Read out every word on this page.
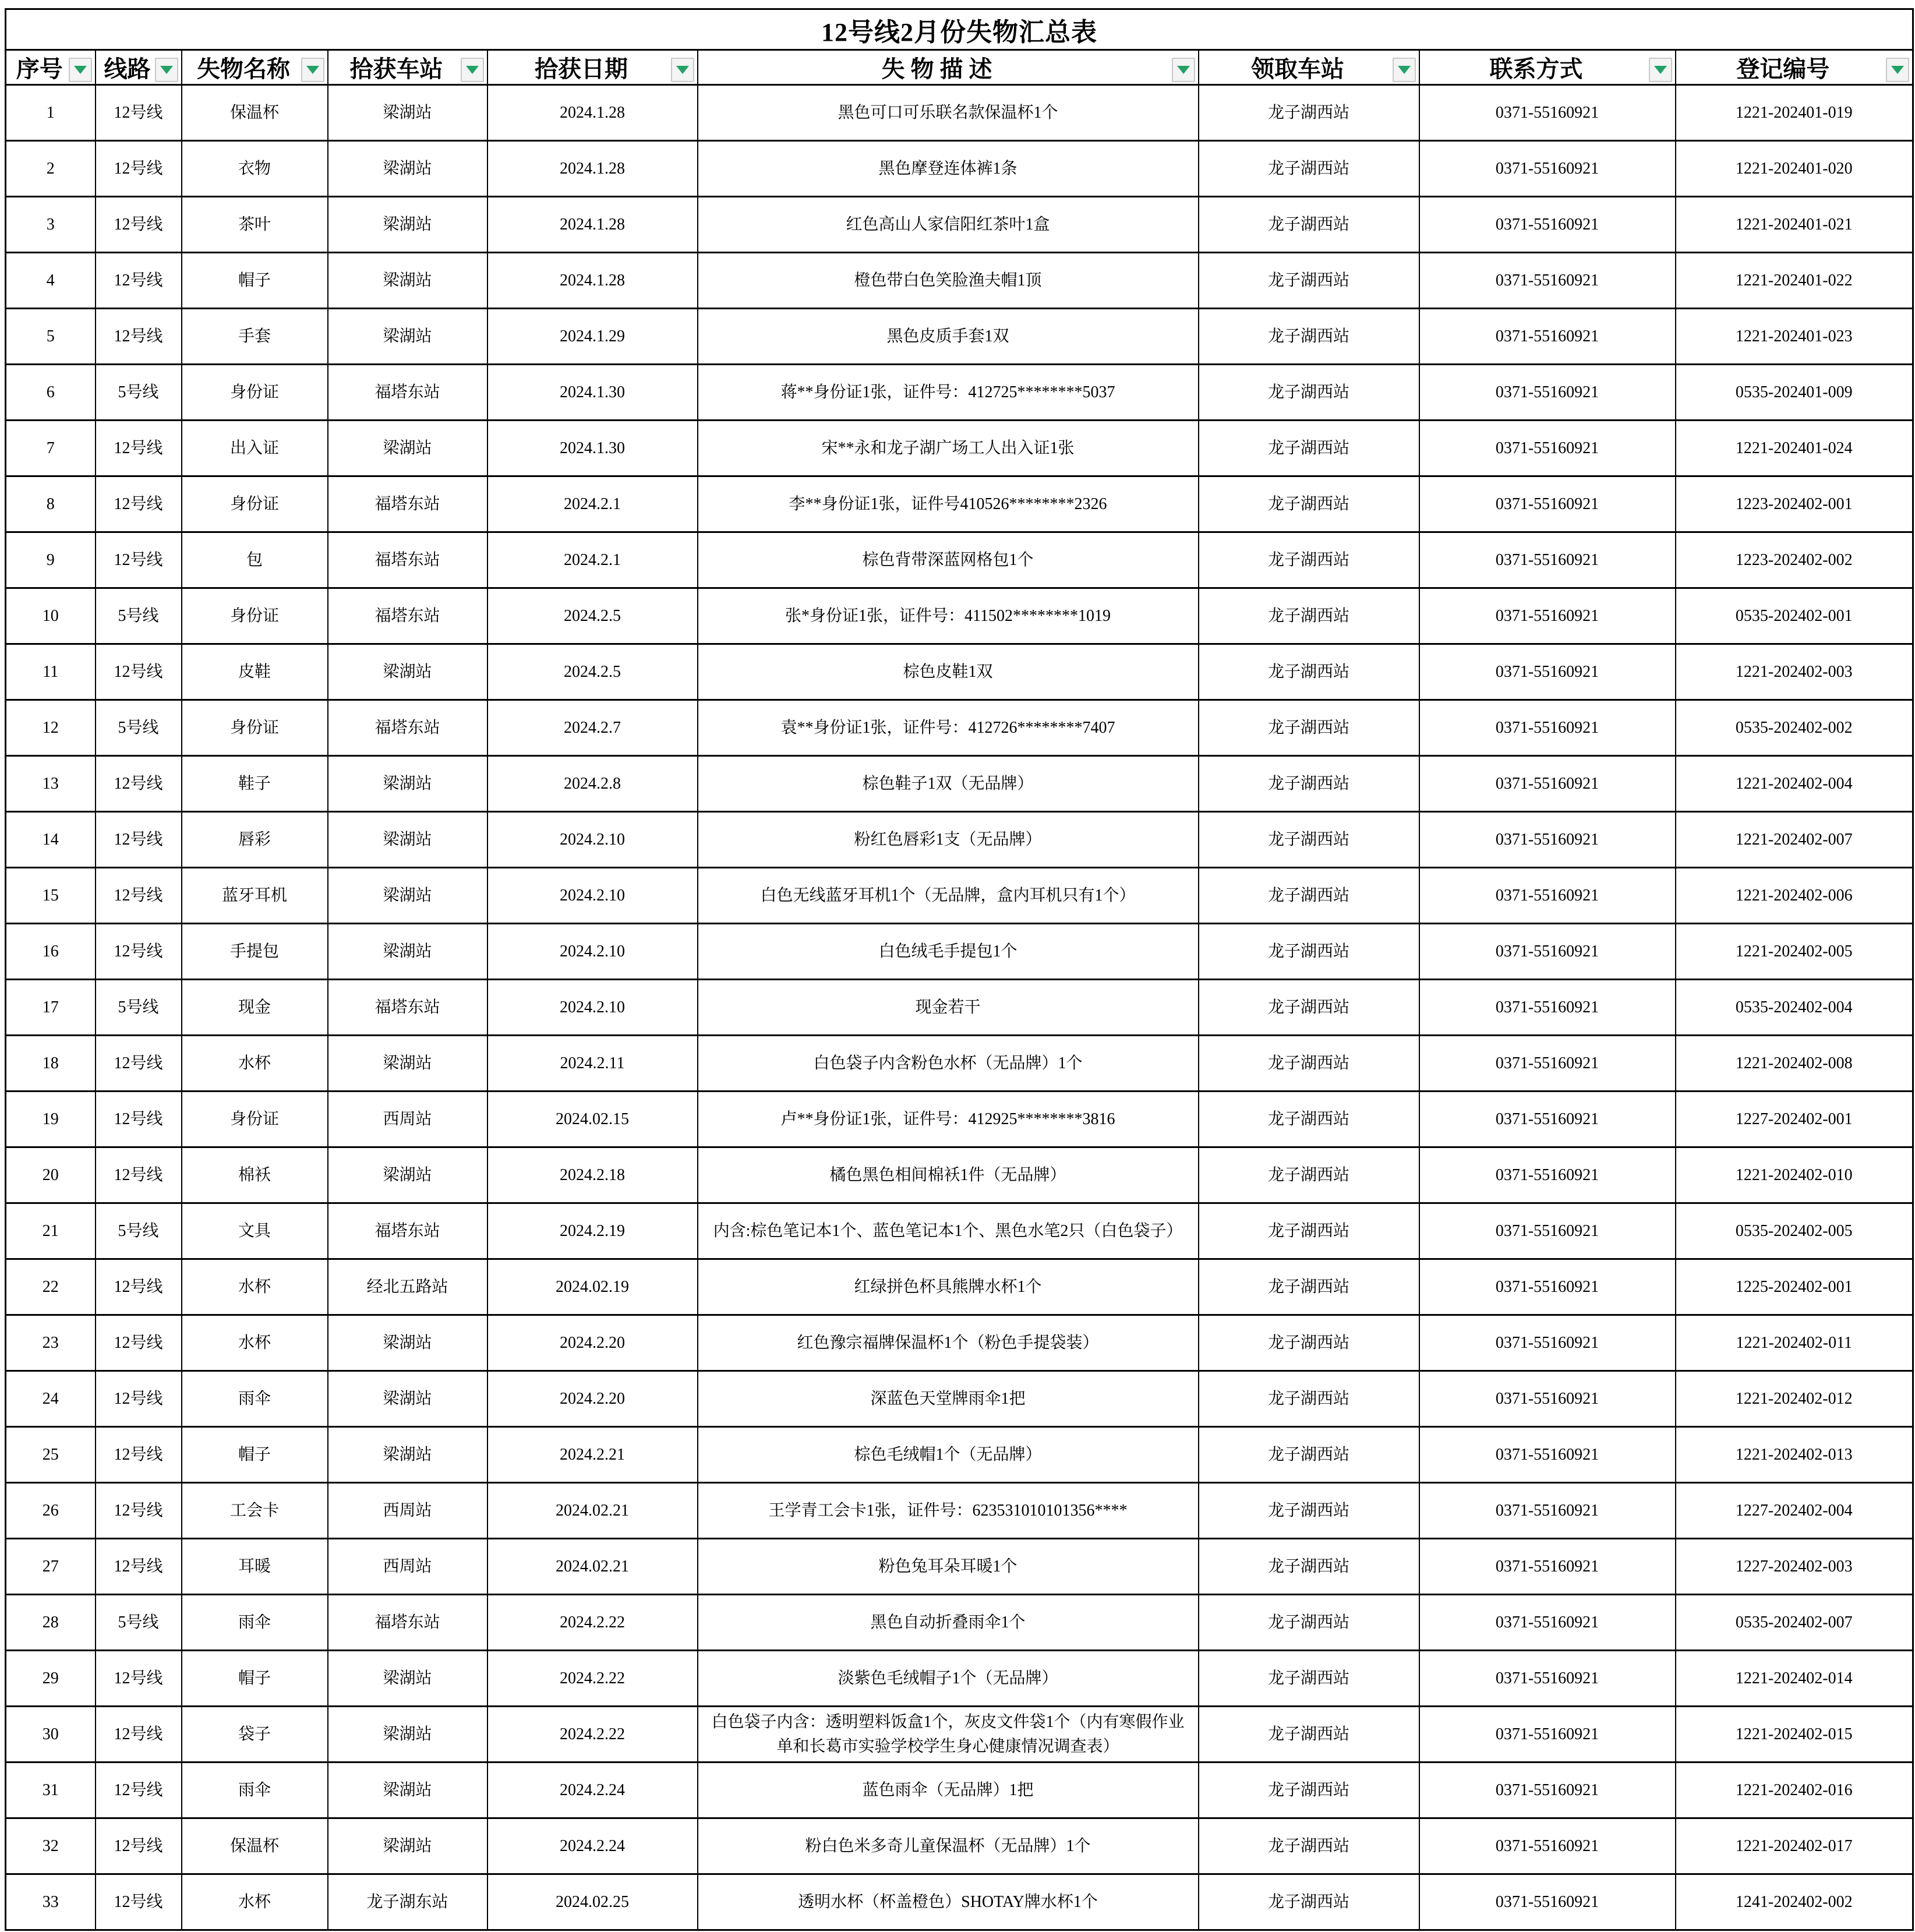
12号线2月份失物汇总表								
序号	线路	失物名称	拾获车站	拾获日期	失 物 描 述	领取车站	联系方式	登记编号

1	12号线	保温杯	梁湖站	2024.1.28	黑色可口可乐联名款保温杯1个	龙子湖西站	0371-55160921	1221-202401-019
2	12号线	衣物	梁湖站	2024.1.28	黑色摩登连体裤1条	龙子湖西站	0371-55160921	1221-202401-020
3	12号线	茶叶	梁湖站	2024.1.28	红色高山人家信阳红茶叶1盒	龙子湖西站	0371-55160921	1221-202401-021
4	12号线	帽子	梁湖站	2024.1.28	橙色带白色笑脸渔夫帽1顶	龙子湖西站	0371-55160921	1221-202401-022
5	12号线	手套	梁湖站	2024.1.29	黑色皮质手套1双	龙子湖西站	0371-55160921	1221-202401-023
6	5号线	身份证	福塔东站	2024.1.30	蒋**身份证1张，证件号：412725********5037	龙子湖西站	0371-55160921	0535-202401-009
7	12号线	出入证	梁湖站	2024.1.30	宋**永和龙子湖广场工人出入证1张	龙子湖西站	0371-55160921	1221-202401-024
8	12号线	身份证	福塔东站	2024.2.1	李**身份证1张，证件号410526********2326	龙子湖西站	0371-55160921	1223-202402-001
9	12号线	包	福塔东站	2024.2.1	棕色背带深蓝网格包1个	龙子湖西站	0371-55160921	1223-202402-002
10	5号线	身份证	福塔东站	2024.2.5	张*身份证1张，证件号：411502********1019	龙子湖西站	0371-55160921	0535-202402-001
11	12号线	皮鞋	梁湖站	2024.2.5	棕色皮鞋1双	龙子湖西站	0371-55160921	1221-202402-003
12	5号线	身份证	福塔东站	2024.2.7	袁**身份证1张，证件号：412726********7407	龙子湖西站	0371-55160921	0535-202402-002
13	12号线	鞋子	梁湖站	2024.2.8	棕色鞋子1双（无品牌）	龙子湖西站	0371-55160921	1221-202402-004
14	12号线	唇彩	梁湖站	2024.2.10	粉红色唇彩1支（无品牌）	龙子湖西站	0371-55160921	1221-202402-007
15	12号线	蓝牙耳机	梁湖站	2024.2.10	白色无线蓝牙耳机1个（无品牌，盒内耳机只有1个）	龙子湖西站	0371-55160921	1221-202402-006
16	12号线	手提包	梁湖站	2024.2.10	白色绒毛手提包1个	龙子湖西站	0371-55160921	1221-202402-005
17	5号线	现金	福塔东站	2024.2.10	现金若干	龙子湖西站	0371-55160921	0535-202402-004
18	12号线	水杯	梁湖站	2024.2.11	白色袋子内含粉色水杯（无品牌）1个	龙子湖西站	0371-55160921	1221-202402-008
19	12号线	身份证	西周站	2024.02.15	卢**身份证1张，证件号：412925********3816	龙子湖西站	0371-55160921	1227-202402-001
20	12号线	棉袄	梁湖站	2024.2.18	橘色黑色相间棉袄1件（无品牌）	龙子湖西站	0371-55160921	1221-202402-010
21	5号线	文具	福塔东站	2024.2.19	内含:棕色笔记本1个、蓝色笔记本1个、黑色水笔2只（白色袋子）	龙子湖西站	0371-55160921	0535-202402-005
22	12号线	水杯	经北五路站	2024.02.19	红绿拼色杯具熊牌水杯1个	龙子湖西站	0371-55160921	1225-202402-001
23	12号线	水杯	梁湖站	2024.2.20	红色豫宗福牌保温杯1个（粉色手提袋装）	龙子湖西站	0371-55160921	1221-202402-011
24	12号线	雨伞	梁湖站	2024.2.20	深蓝色天堂牌雨伞1把	龙子湖西站	0371-55160921	1221-202402-012
25	12号线	帽子	梁湖站	2024.2.21	棕色毛绒帽1个（无品牌）	龙子湖西站	0371-55160921	1221-202402-013
26	12号线	工会卡	西周站	2024.02.21	王学青工会卡1张，证件号：623531010101356****	龙子湖西站	0371-55160921	1227-202402-004
27	12号线	耳暖	西周站	2024.02.21	粉色兔耳朵耳暖1个	龙子湖西站	0371-55160921	1227-202402-003
28	5号线	雨伞	福塔东站	2024.2.22	黑色自动折叠雨伞1个	龙子湖西站	0371-55160921	0535-202402-007
29	12号线	帽子	梁湖站	2024.2.22	淡紫色毛绒帽子1个（无品牌）	龙子湖西站	0371-55160921	1221-202402-014
30	12号线	袋子	梁湖站	2024.2.22	白色袋子内含：透明塑料饭盒1个，灰皮文件袋1个（内有寒假作业单和长葛市实验学校学生身心健康情况调查表）	龙子湖西站	0371-55160921	1221-202402-015
31	12号线	雨伞	梁湖站	2024.2.24	蓝色雨伞（无品牌）1把	龙子湖西站	0371-55160921	1221-202402-016
32	12号线	保温杯	梁湖站	2024.2.24	粉白色米多奇儿童保温杯（无品牌）1个	龙子湖西站	0371-55160921	1221-202402-017
33	12号线	水杯	龙子湖东站	2024.02.25	透明水杯（杯盖橙色）SHOTAY牌水杯1个	龙子湖西站	0371-55160921	1241-202402-002
